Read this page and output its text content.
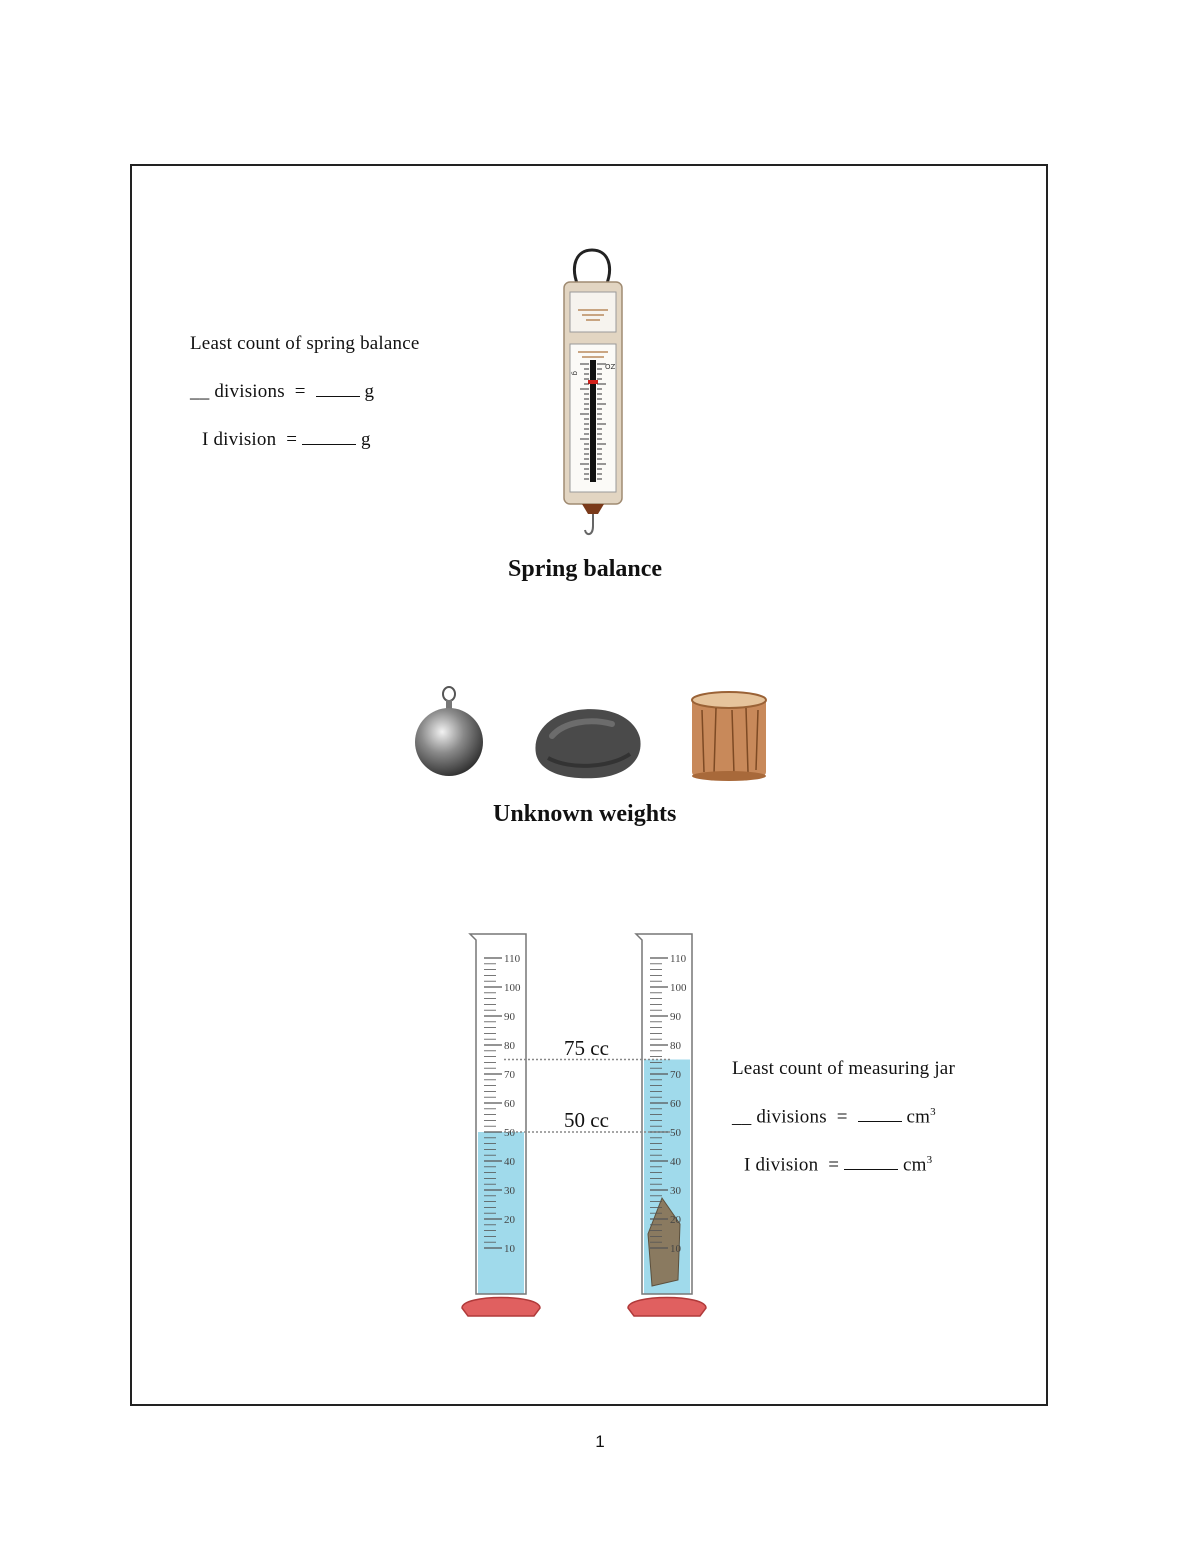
Least count of spring balance
__ divisions =	g
I division =	g
g
OZ
Spring balance
Unknown weights
110
100
90
80
70
60
50
40
30
20
10
110
100
90
80
70
60
50
40
30
20
10
75 cc
50 cc
Least count of measuring jar
__ divisions =	$cm^3$
I division =	$cm^3$
1
